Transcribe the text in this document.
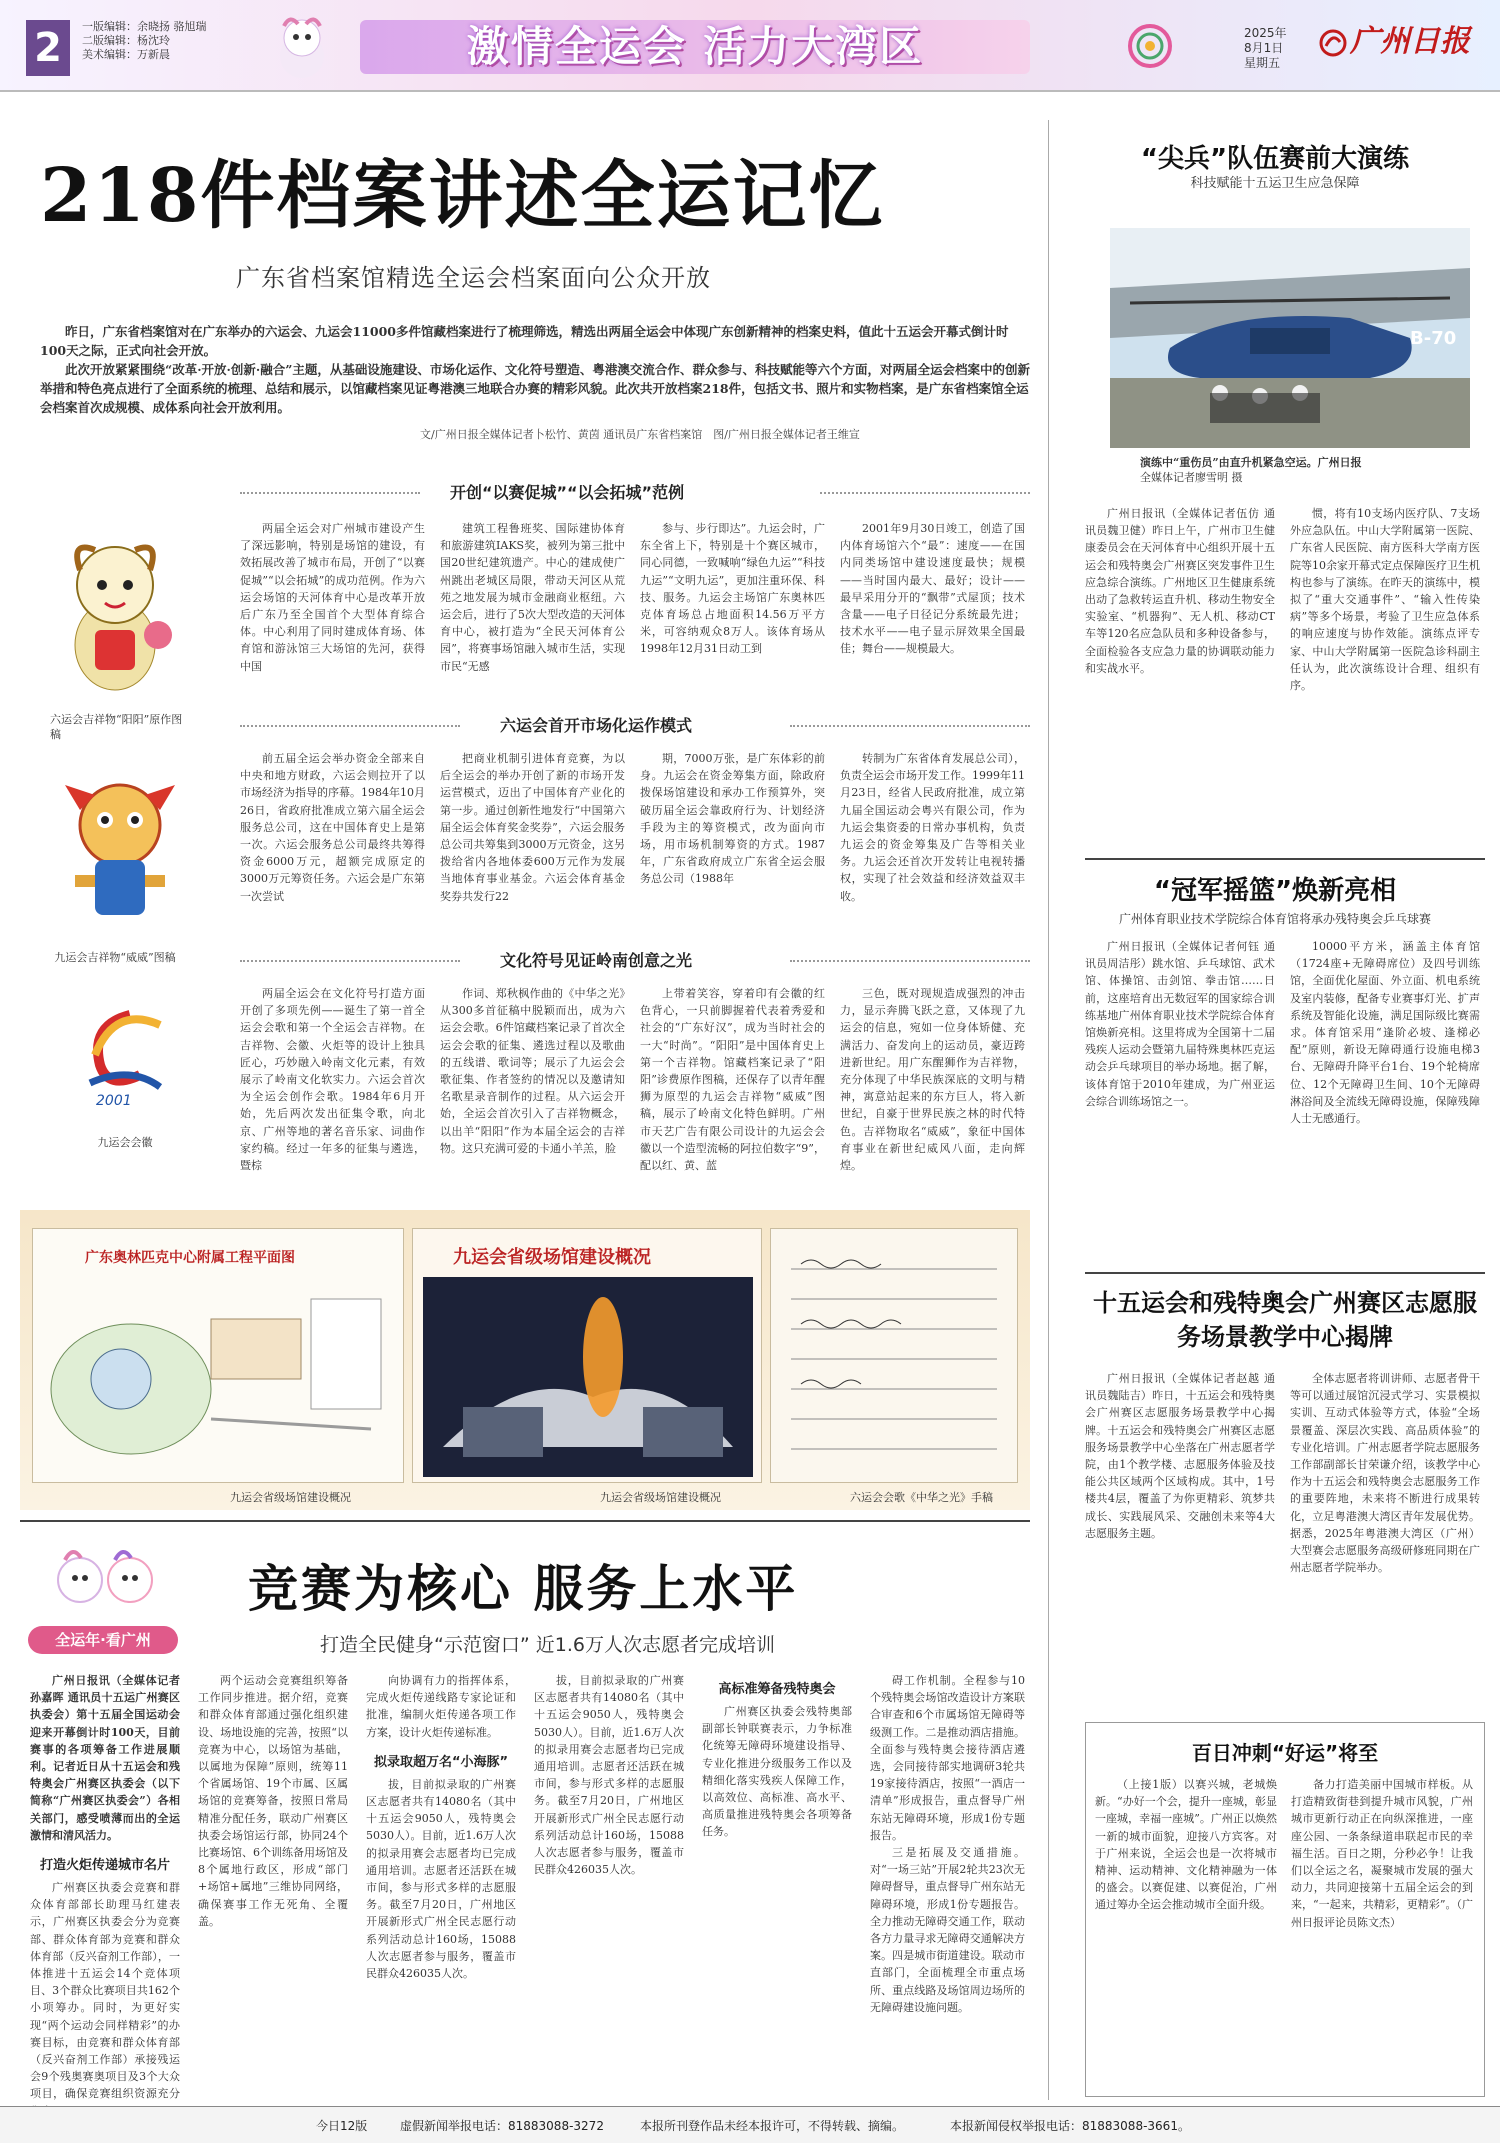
2	一版编辑：余晓扬 骆旭瑞
二版编辑：杨沈玲
美术编辑：万新晨	激情全运会 活力大湾区	2025年
8月1日
星期五
广州日报
218件档案讲述全运记忆
广东省档案馆精选全运会档案面向公众开放

昨日，广东省档案馆对在广东举办的六运会、九运会11000多件馆藏档案进行了梳理筛选，精选出两届全运会中体现广东创新精神的档案史料，值此十五运会开幕式倒计时100天之际，正式向社会开放。

此次开放紧紧围绕“改革·开放·创新·融合”主题，从基础设施建设、市场化运作、文化符号塑造、粤港澳交流合作、群众参与、科技赋能等六个方面，对两届全运会档案中的创新举措和特色亮点进行了全面系统的梳理、总结和展示，以馆藏档案见证粤港澳三地联合办赛的精彩风貌。此次共开放档案218件，包括文书、照片和实物档案，是广东省档案馆全运会档案首次成规模、成体系向社会开放利用。

文/广州日报全媒体记者卜松竹、黄茵 通讯员广东省档案馆　图/广州日报全媒体记者王维宣
六运会吉祥物“阳阳”原作图稿
九运会吉祥物“威威”图稿
2001
九运会会徽
开创“以赛促城”“以会拓城”范例

两届全运会对广州城市建设产生了深远影响，特别是场馆的建设，有效拓展改善了城市布局，开创了“以赛促城”“以会拓城”的成功范例。作为六运会场馆的天河体育中心是改革开放后广东乃至全国首个大型体育综合体。中心利用了同时建成体育场、体育馆和游泳馆三大场馆的先河，获得中国

建筑工程鲁班奖、国际建协体育和旅游建筑IAKS奖，被列为第三批中国20世纪建筑遗产。中心的建成使广州跳出老城区局限，带动天河区从荒苑之地发展为城市金融商业枢纽。六运会后，进行了5次大型改造的天河体育中心，被打造为“全民天河体育公园”，将赛事场馆融入城市生活，实现市民“无感

参与、步行即达”。九运会时，广东全省上下，特别是十个赛区城市，同心同德，一致喊响“绿色九运”“科技九运”“文明九运”，更加注重环保、科技、服务。九运会主场馆广东奥林匹克体育场总占地面积14.56万平方米，可容纳观众8万人。该体育场从1998年12月31日动工到

2001年9月30日竣工，创造了国内体育场馆六个“最”：速度——在国内同类场馆中建设速度最快；规模——当时国内最大、最好；设计——最早采用分开的“飘带”式屋顶；技术含量——电子日径记分系统最先进；技术水平——电子显示屏效果全国最佳；舞台——规模最大。

六运会首开市场化运作模式

前五届全运会举办资金全部来自中央和地方财政，六运会则拉开了以市场经济为指导的序幕。1984年10月26日，省政府批准成立第六届全运会服务总公司，这在中国体育史上是第一次。六运会服务总公司最终共筹得资金6000万元，超额完成原定的3000万元筹资任务。六运会是广东第一次尝试

把商业机制引进体育竞赛，为以后全运会的举办开创了新的市场开发运营模式，迈出了中国体育产业化的第一步。通过创新性地发行“中国第六届全运会体育奖金奖券”，六运会服务总公司共筹集到3000万元资金，这另拨给省内各地体委600万元作为发展当地体育事业基金。六运会体育基金奖券共发行22

期，7000万张，是广东体彩的前身。九运会在资金筹集方面，除政府拨保场馆建设和承办工作预算外，突破历届全运会靠政府行为、计划经济手段为主的筹资模式，改为面向市场，用市场机制筹资的方式。1987年，广东省政府成立广东省全运会服务总公司（1988年

转制为广东省体育发展总公司），负责全运会市场开发工作。1999年11月23日，经省人民政府批准，成立第九届全国运动会粤兴有限公司，作为九运会集资委的日常办事机构，负责九运会的资金筹集及广告等相关业务。九运会还首次开发转让电视转播权，实现了社会效益和经济效益双丰收。

文化符号见证岭南创意之光

两届全运会在文化符号打造方面开创了多项先例——诞生了第一首全运会会歌和第一个全运会吉祥物。在吉祥物、会徽、火炬等的设计上独具匠心，巧妙融入岭南文化元素，有效展示了岭南文化软实力。六运会首次为全运会创作会歌。1984年6月开始，先后两次发出征集令歌，向北京、广州等地的著名音乐家、词曲作家约稿。经过一年多的征集与遴选，暨棕

作词、郑秋枫作曲的《中华之光》从300多首征稿中脱颖而出，成为六运会会歌。6件馆藏档案记录了首次全运会会歌的征集、遴选过程以及歌曲的五线谱、歌词等；展示了九运会会歌征集、作者签約的情况以及邀请知名歌星录音制作的过程。从六运会开始，全运会首次引入了吉祥物概念，以出羊“阳阳”作为本届全运会的吉祥物。这只充满可爱的卡通小羊羔，脸

上带着笑容，穿着印有会徽的红色背心，一只前脚握着代表着秀爱和社会的“广东好汉”，成为当时社会的一大“时尚”。“阳阳”是中国体育史上第一个吉祥物。馆藏档案记录了“阳阳”诊费原作图稿，还保存了以青年醒狮为原型的九运会吉祥物“威威”图稿，展示了岭南文化特色鲜明。广州市天艺广告有限公司设计的九运会会徽以一个造型流畅的阿拉伯数字“9”，配以红、黄、蓝

三色，既对现规造成强烈的冲击力，显示奔腾飞跃之意，又体现了九运会的信息，宛如一位身体矫健、充满活力、奋发向上的运动员，豪迈跨进新世纪。用广东醒狮作为吉祥物，充分体现了中华民族深底的文明与精神，寓意站起来的东方巨人，将入新世纪，自豪于世界民族之林的时代特色。吉祥物取名“威威”，象征中国体育事业在新世纪威风八面，走向辉煌。

广东奥林匹克中心附属工程平面图	九运会省级场馆建设概况
九运会省级场馆建设概况	九运会省级场馆建设概况	六运会会歌《中华之光》手稿
全运年·看广州
竞赛为核心 服务上水平
打造全民健身“示范窗口” 近1.6万人次志愿者完成培训

广州日报讯（全媒体记者孙嘉晖 通讯员十五运广州赛区执委会）第十五届全国运动会迎来开幕倒计时100天，目前赛事的各项筹备工作进展顺利。记者近日从十五运会和残特奥会广州赛区执委会（以下简称“广州赛区执委会”）各相关部门，感受喷薄而出的全运激情和清风活力。

打造火炬传递城市名片

广州赛区执委会竞赛和群众体育部部长助理马红建表示，广州赛区执委会分为竞赛部、群众体育部为竞赛和群众体育部（反兴奋剂工作部），一体推进十五运会14个竞体项目、3个群众比赛项目共162个小项筹办。同时，为更好实现“两个运动会同样精彩”的办赛目标，由竞赛和群众体育部（反兴奋剂工作部）承接残运会9个残奥赛奥项目及3个大众项目，确保竞赛组织资源充分

两个运动会竞赛组织筹备工作同步推进。据介绍，竞赛和群众体育部通过强化组织建设、场地设施的完善，按照“以竞赛为中心，以场馆为基础，以属地为保障”原则，统筹11个省属场馆、19个市属、区属场馆的竞赛筹备，按照日常局精准分配任务，联动广州赛区执委会场馆运行部，协同24个比赛场馆、6个训练备用场馆及8个属地行政区，形成“部门+场馆+属地”三维协同网络，确保赛事工作无死角、全覆盖。

向协调有力的指挥体系，完成火炬传递线路专家论证和批准，编制火炬传递各项工作方案，设计火炬传递标准。

拟录取超万名“小海豚”

拔，目前拟录取的广州赛区志愿者共有14080名（其中十五运会9050人，残特奥会5030人）。目前，近1.6万人次的拟录用赛会志愿者均已完成通用培训。志愿者还活跃在城市间，参与形式多样的志愿服务。截至7月20日，广州地区开展新形式广州全民志愿行动系列活动总计160场，15088人次志愿者参与服务，覆盖市民群众426035人次。

拔，目前拟录取的广州赛区志愿者共有14080名（其中十五运会9050人，残特奥会5030人）。目前，近1.6万人次的拟录用赛会志愿者均已完成通用培训。志愿者还活跃在城市间，参与形式多样的志愿服务。截至7月20日，广州地区开展新形式广州全民志愿行动系列活动总计160场，15088人次志愿者参与服务，覆盖市民群众426035人次。

高标准筹备残特奥会

广州赛区执委会残特奥部副部长钟联赛表示，力争标准化统筹无障碍环境建设指导、专业化推进分级服务工作以及精细化落实残疾人保障工作，以高效位、高标准、高水平、高质量推进残特奥会各项筹备任务。

碍工作机制。全程参与10个残特奥会场馆改造设计方案联合审查和6个市属场馆无障碍等级测工作。二是推动酒店措施。全面参与残特奥会接待酒店遴选，会同接待部实地调研3轮共19家接待酒店，按照“一酒店一清单”形成报告，重点督导广州东站无障碍环境，形成1份专题报告。

三是拓展及交通措施。对“一场三站”开展2轮共23次无障碍督导，重点督导广州东站无障碍环境，形成1份专题报告。全力推动无障碍交通工作，联动各方力量寻求无障碍交通解决方案。四是城市街道建设。联动市直部门，全面梳理全市重点场所、重点线路及场馆周边场所的无障碍建设施问题。

“尖兵”队伍赛前大演练
科技赋能十五运卫生应急保障
B-70
演练中“重伤员”由直升机紧急空运。广州日报
全媒体记者廖雪明 摄

广州日报讯（全媒体记者伍仿 通讯员魏卫健）昨日上午，广州市卫生健康委员会在天河体育中心组织开展十五运会和残特奥会广州赛区突发事件卫生应急综合演练。广州地区卫生健康系统出动了急救转运直升机、移动生物安全实验室、“机器狗”、无人机、移动CT车等120名应急队员和多种设备参与，全面检验各支应急力量的协调联动能力和实战水平。

惯，将有10支场内医疗队、7支场外应急队伍。中山大学附属第一医院、广东省人民医院、南方医科大学南方医院等10余家开幕式定点保障医疗卫生机构也参与了演练。在昨天的演练中，模拟了“重大交通事件”、“输入性传染病”等多个场景，考验了卫生应急体系的响应速度与协作效能。演练点评专家、中山大学附属第一医院急诊科副主任认为，此次演练设计合理、组织有序。

“冠军摇篮”焕新亮相
广州体育职业技术学院综合体育馆将承办残特奥会乒乓球赛

广州日报讯（全媒体记者何钰 通讯员周洁彤）跳水馆、乒乓球馆、武术馆、体操馆、击剑馆、拳击馆……日前，这座培育出无数冠军的国家综合训练基地广州体育职业技术学院综合体育馆焕新亮相。这里将成为全国第十二届残疾人运动会暨第九届特殊奥林匹克运动会乒乓球项目的举办场地。据了解，该体育馆于2010年建成，为广州亚运会综合训练场馆之一。

10000平方米，涵盖主体育馆（1724座+无障碍席位）及四号训练馆，全面优化屋面、外立面、机电系统及室内装修，配备专业赛事灯光、扩声系统及智能化设施，满足国际级比赛需求。体育馆采用“逢阶必坡、逢梯必配”原则，新设无障碍通行设施电梯3台、无障碍升降平台1台、19个轮椅席位、12个无障碍卫生间、10个无障碍淋浴间及全流线无障碍设施，保障残障人士无感通行。

十五运会和残特奥会广州赛区志愿服务场景教学中心揭牌

广州日报讯（全媒体记者赵越 通讯员魏陆吉）昨日，十五运会和残特奥会广州赛区志愿服务场景教学中心揭牌。十五运会和残特奥会广州赛区志愿服务场景教学中心坐落在广州志愿者学院，由1个教学楼、志愿服务体验及技能公共区域两个区域构成。其中，1号楼共4层，覆盖了为你更精彩、筑梦共成长、实践展风采、交融创未来等4大志愿服务主题。

全体志愿者将训讲师、志愿者骨干等可以通过展馆沉浸式学习、实景模拟实训、互动式体验等方式，体验“全场景覆盖、深层次实践、高品质体验”的专业化培训。广州志愿者学院志愿服务工作部副部长甘荣谦介绍，该教学中心作为十五运会和残特奥会志愿服务工作的重要阵地，未来将不断进行成果转化，立足粤港澳大湾区青年发展优势。据悉，2025年粤港澳大湾区（广州）大型赛会志愿服务高级研修班同期在广州志愿者学院举办。

百日冲刺“好运”将至

（上接1版）以赛兴城，老城焕新。“办好一个会，提升一座城，彰显一座城，幸福一座城”。广州正以焕然一新的城市面貌，迎接八方宾客。对于广州来说，全运会也是一次将城市精神、运动精神、文化精神融为一体的盛会。以赛促建、以赛促治，广州通过筹办全运会推动城市全面升级。

备力打造美丽中国城市样板。从打造精致街巷到提升城市风貌，广州城市更新行动正在向纵深推进，一座座公园、一条条绿道串联起市民的幸福生活。百日之期，分秒必争！让我们以全运之名，凝聚城市发展的强大动力，共同迎接第十五届全运会的到来，“一起来，共精彩，更精彩”。（广州日报评论员陈文杰）

今日12版	虚假新闻举报电话：81883088-3272	本报所刊登作品未经本报许可，不得转载、摘编。	本报新闻侵权举报电话：81883088-3661。
